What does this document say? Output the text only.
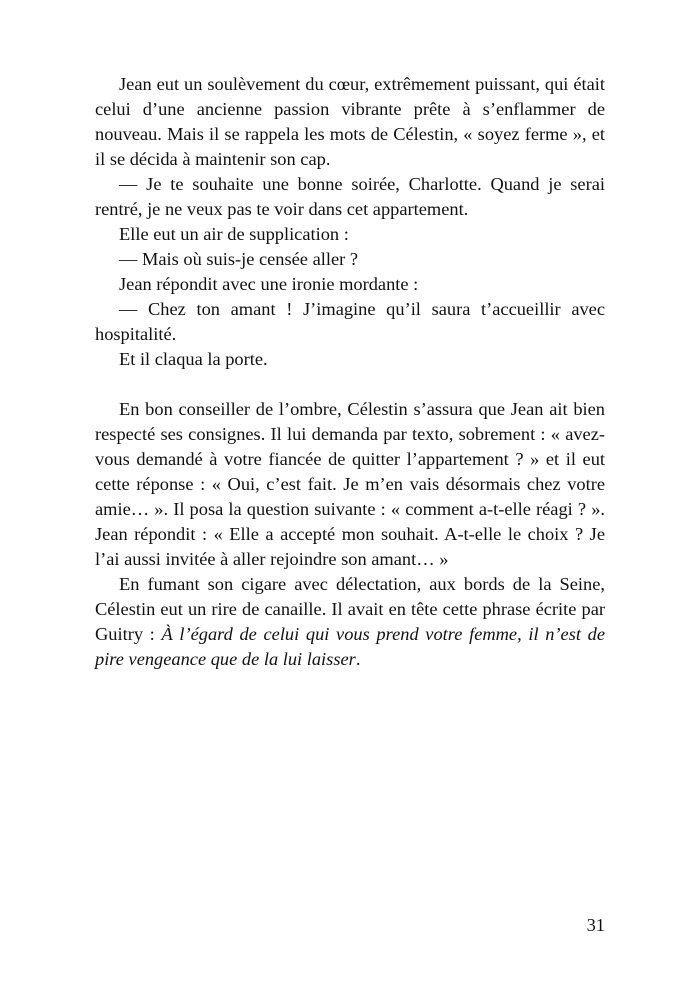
Jean eut un soulèvement du cœur, extrêmement puissant, qui était celui d’une ancienne passion vibrante prête à s’enflammer de nouveau. Mais il se rappela les mots de Célestin, « soyez ferme », et il se décida à maintenir son cap.

— Je te souhaite une bonne soirée, Charlotte. Quand je serai rentré, je ne veux pas te voir dans cet appartement.

Elle eut un air de supplication :

— Mais où suis-je censée aller ?

Jean répondit avec une ironie mordante :

— Chez ton amant ! J’imagine qu’il saura t’accueillir avec hospitalité.

Et il claqua la porte.

En bon conseiller de l’ombre, Célestin s’assura que Jean ait bien respecté ses consignes. Il lui demanda par texto, sobrement : « avez-vous demandé à votre fiancée de quitter l’appartement ? » et il eut cette réponse : « Oui, c’est fait. Je m’en vais désormais chez votre amie… ». Il posa la question suivante : « comment a-t-elle réagi ? ». Jean répondit : « Elle a accepté mon souhait. A-t-elle le choix ? Je l’ai aussi invitée à aller rejoindre son amant… »

En fumant son cigare avec délectation, aux bords de la Seine, Célestin eut un rire de canaille. Il avait en tête cette phrase écrite par Guitry : À l’égard de celui qui vous prend votre femme, il n’est de pire vengeance que de la lui laisser.

31
